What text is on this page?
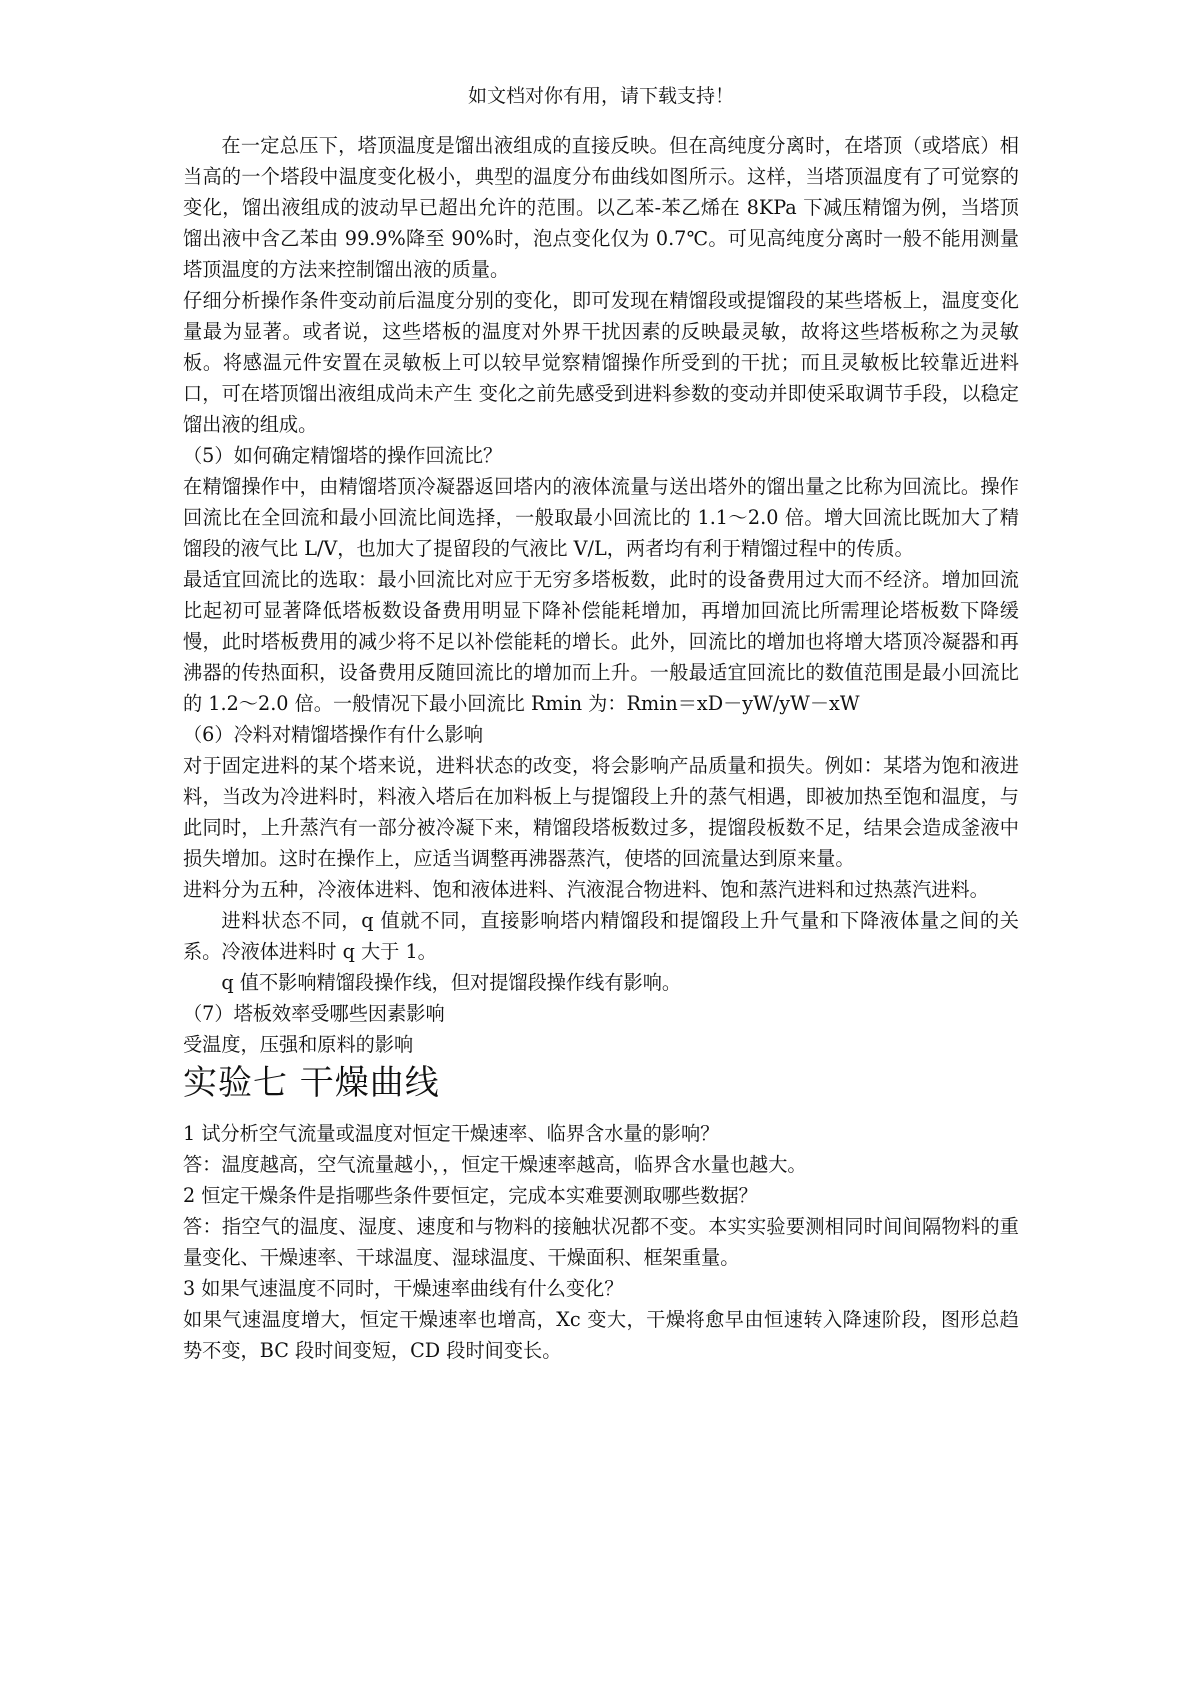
如文档对你有用，请下载支持！

在一定总压下，塔顶温度是馏出液组成的直接反映。但在高纯度分离时，在塔顶（或塔底）相当高的一个塔段中温度变化极小，典型的温度分布曲线如图所示。这样，当塔顶温度有了可觉察的变化，馏出液组成的波动早已超出允许的范围。以乙苯-苯乙烯在 8KPa 下减压精馏为例，当塔顶馏出液中含乙苯由 99.9%降至 90%时，泡点变化仅为 0.7℃。可见高纯度分离时一般不能用测量塔顶温度的方法来控制馏出液的质量。

仔细分析操作条件变动前后温度分别的变化，即可发现在精馏段或提馏段的某些塔板上，温度变化量最为显著。或者说，这些塔板的温度对外界干扰因素的反映最灵敏，故将这些塔板称之为灵敏板。将感温元件安置在灵敏板上可以较早觉察精馏操作所受到的干扰；而且灵敏板比较靠近进料口，可在塔顶馏出液组成尚未产生 变化之前先感受到进料参数的变动并即使采取调节手段，以稳定馏出液的组成。

（5）如何确定精馏塔的操作回流比？

在精馏操作中，由精馏塔顶冷凝器返回塔内的液体流量与送出塔外的馏出量之比称为回流比。操作回流比在全回流和最小回流比间选择，一般取最小回流比的 1.1～2.0 倍。增大回流比既加大了精馏段的液气比 L/V，也加大了提留段的气液比 V/L，两者均有利于精馏过程中的传质。

最适宜回流比的选取：最小回流比对应于无穷多塔板数，此时的设备费用过大而不经济。增加回流比起初可显著降低塔板数设备费用明显下降补偿能耗增加，再增加回流比所需理论塔板数下降缓慢，此时塔板费用的减少将不足以补偿能耗的增长。此外，回流比的增加也将增大塔顶冷凝器和再沸器的传热面积，设备费用反随回流比的增加而上升。一般最适宜回流比的数值范围是最小回流比的 1.2～2.0 倍。一般情况下最小回流比 Rmin 为：Rmin＝xD－yW/yW－xW

（6）冷料对精馏塔操作有什么影响

对于固定进料的某个塔来说，进料状态的改变，将会影响产品质量和损失。例如：某塔为饱和液进料，当改为冷进料时，料液入塔后在加料板上与提馏段上升的蒸气相遇，即被加热至饱和温度，与此同时，上升蒸汽有一部分被冷凝下来，精馏段塔板数过多，提馏段板数不足，结果会造成釜液中损失增加。这时在操作上，应适当调整再沸器蒸汽，使塔的回流量达到原来量。

进料分为五种，冷液体进料、饱和液体进料、汽液混合物进料、饱和蒸汽进料和过热蒸汽进料。

进料状态不同，q 值就不同，直接影响塔内精馏段和提馏段上升气量和下降液体量之间的关系。冷液体进料时 q 大于 1。

q 值不影响精馏段操作线，但对提馏段操作线有影响。

（7）塔板效率受哪些因素影响

受温度，压强和原料的影响

实验七 干燥曲线

1 试分析空气流量或温度对恒定干燥速率、临界含水量的影响？

答：温度越高，空气流量越小，，恒定干燥速率越高，临界含水量也越大。

2 恒定干燥条件是指哪些条件要恒定，完成本实难要测取哪些数据？

答：指空气的温度、湿度、速度和与物料的接触状况都不变。本实实验要测相同时间间隔物料的重量变化、干燥速率、干球温度、湿球温度、干燥面积、框架重量。

3 如果气速温度不同时，干燥速率曲线有什么变化？

如果气速温度增大，恒定干燥速率也增高，Xc 变大，干燥将愈早由恒速转入降速阶段，图形总趋势不变，BC 段时间变短，CD 段时间变长。
